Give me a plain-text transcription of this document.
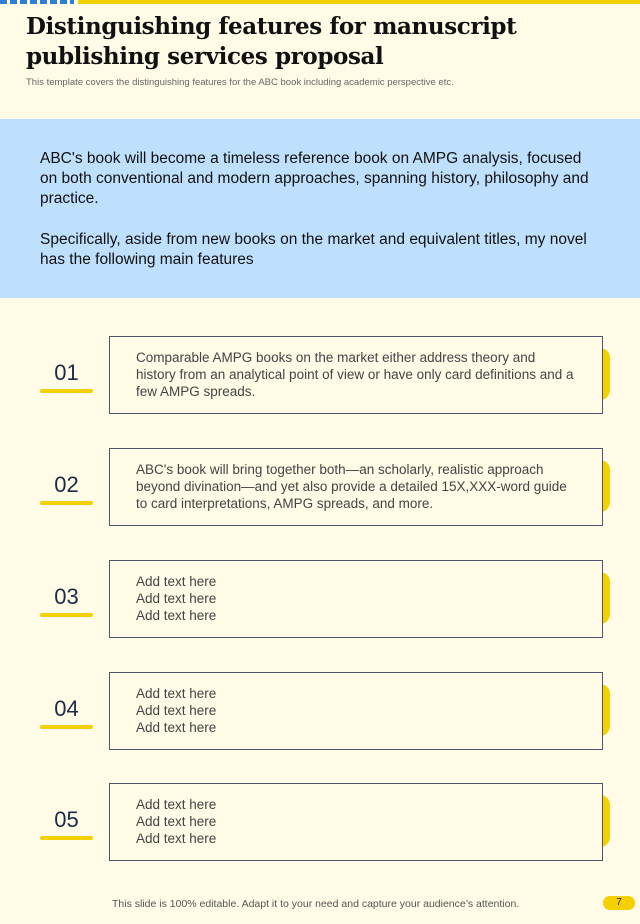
Distinguishing features for manuscript publishing services proposal
This template covers the distinguishing features for the ABC book including academic perspective etc.

ABC's book will become a timeless reference book on AMPG analysis, focused on both conventional and modern approaches, spanning history, philosophy and practice.

Specifically, aside from new books on the market and equivalent titles, my novel has the following main features

01

Comparable AMPG books on the market either address theory and history from an analytical point of view or have only card definitions and a few AMPG spreads.

02

ABC's book will bring together both—an scholarly, realistic approach beyond divination—and yet also provide a detailed 15X,XXX-word guide to card interpretations, AMPG spreads, and more.

03

Add text here
Add text here
Add text here

04

Add text here
Add text here
Add text here

05

Add text here
Add text here
Add text here

This slide is 100% editable. Adapt it to your need and capture your audience’s attention.	7
